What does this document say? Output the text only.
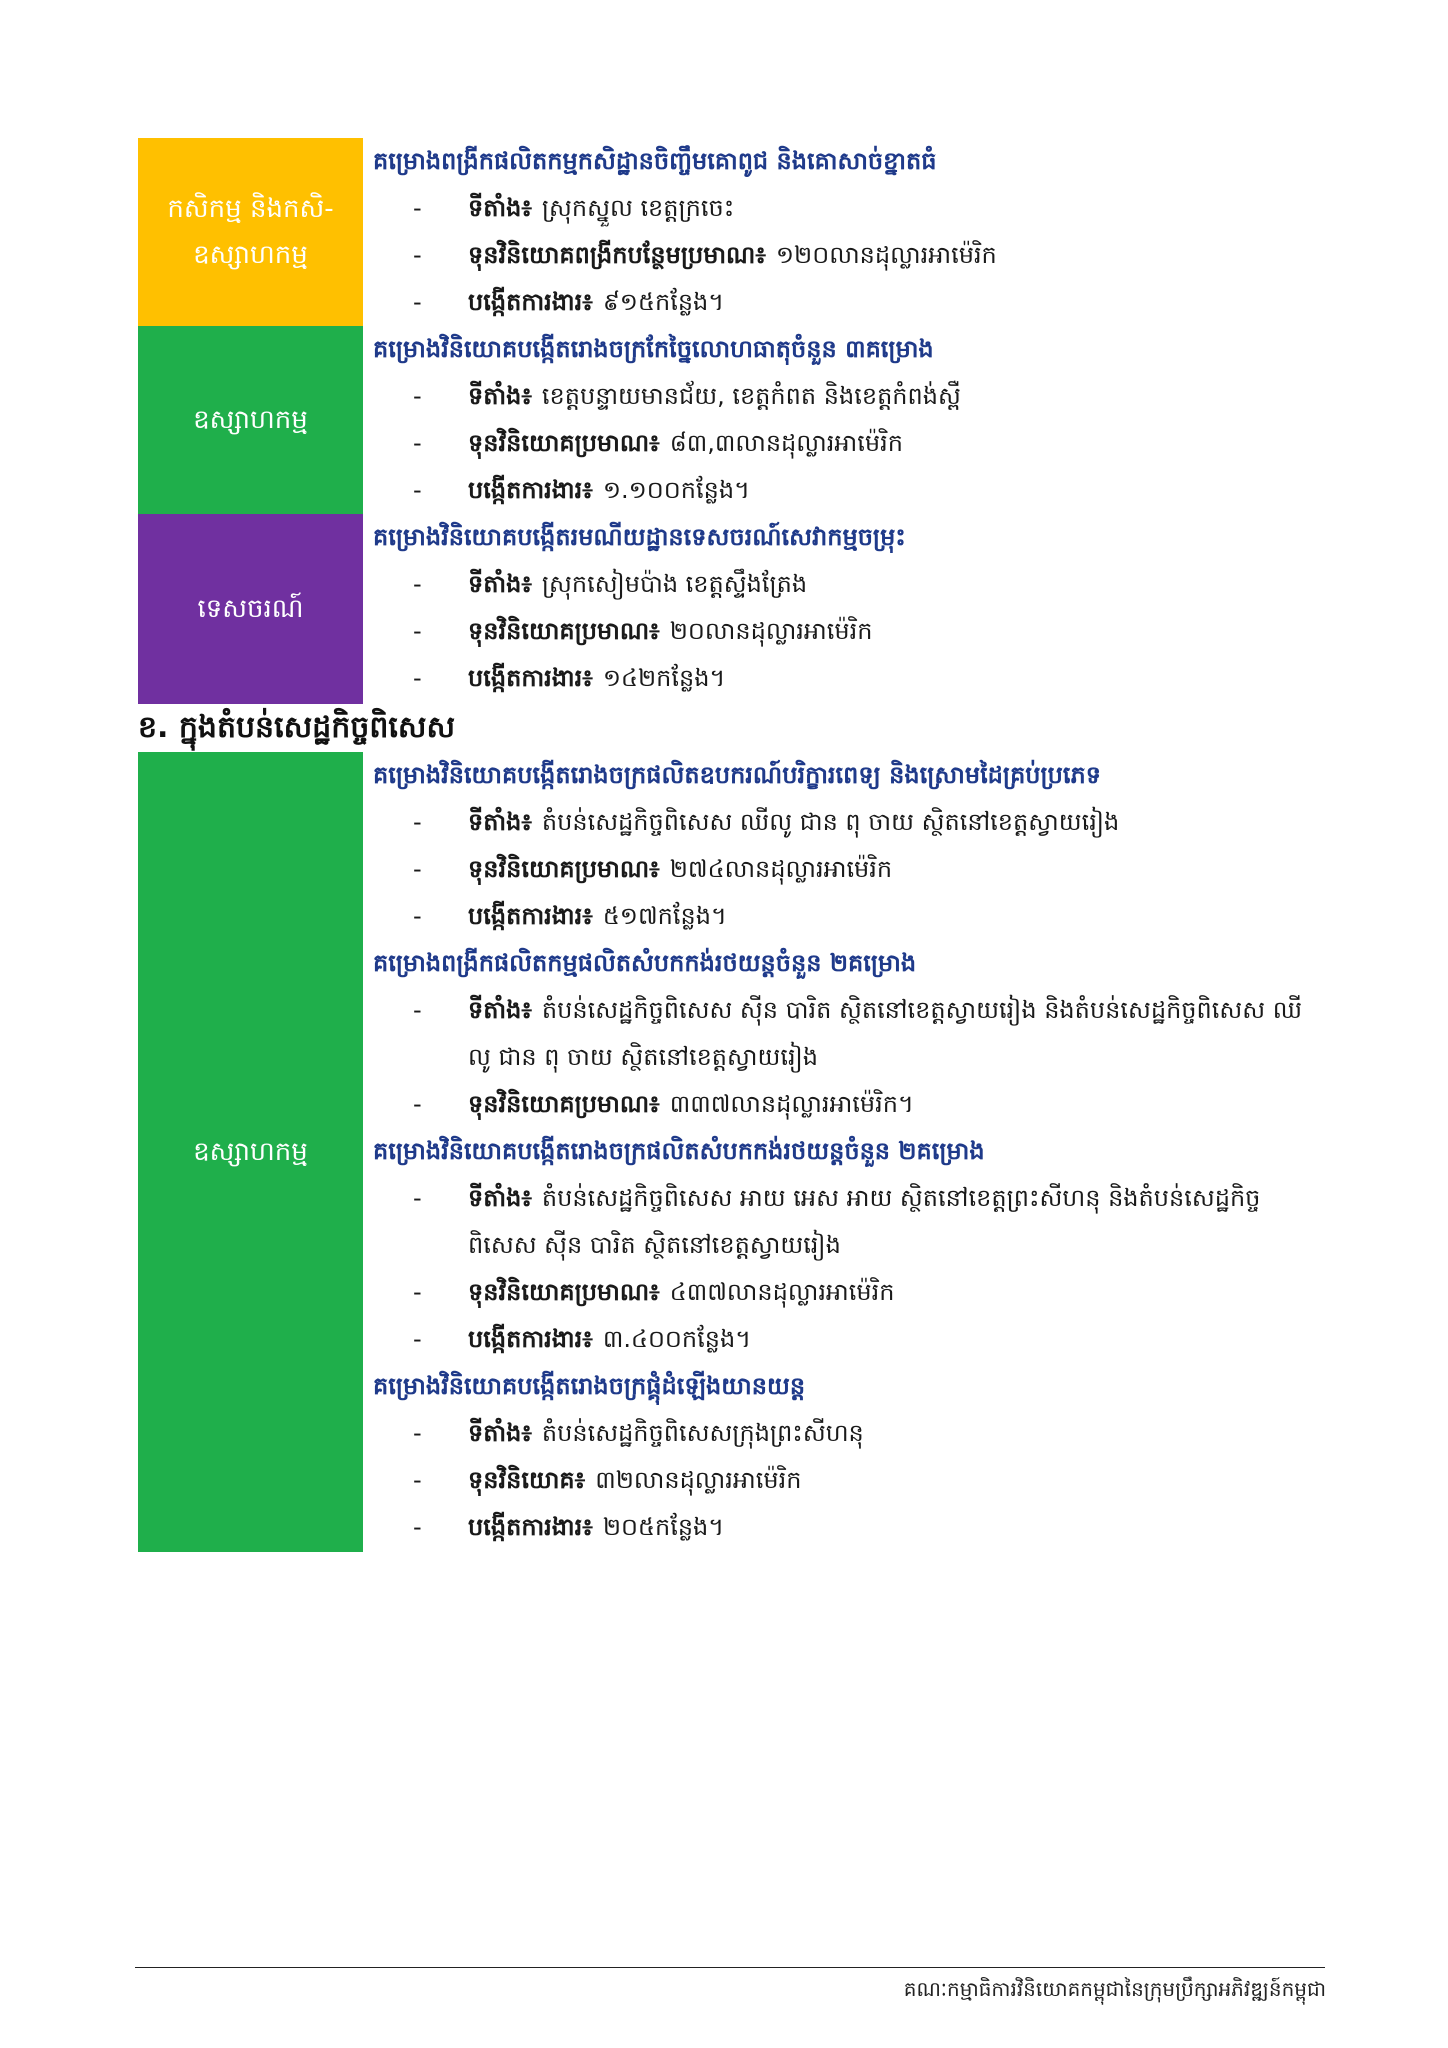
កសិកម្ម និងកសិ-ឧស្សាហកម្ម
គម្រោងពង្រីកផលិតកម្មកសិដ្ឋានចិញ្ចឹមគោពូជ និងគោសាច់ខ្នាតធំ
-	ទីតាំង៖ ស្រុកស្នួល ខេត្តក្រចេះ
-	ទុនវិនិយោគពង្រីកបន្ថែមប្រមាណ៖ ១២០លានដុល្លារអាម៉េរិក
-	បង្កើតការងារ៖ ៩១៥កន្លែង។
ឧស្សាហកម្ម
គម្រោងវិនិយោគបង្កើតរោងចក្រកែច្នៃលោហធាតុចំនួន ៣គម្រោង
-	ទីតាំង៖ ខេត្តបន្ទាយមានជ័យ, ខេត្តកំពត និងខេត្តកំពង់ស្ពឺ
-	ទុនវិនិយោគប្រមាណ៖ ៨៣,៣លានដុល្លារអាម៉េរិក
-	បង្កើតការងារ៖ ១.១០០កន្លែង។
ទេសចរណ៍
គម្រោងវិនិយោគបង្កើតរមណីយដ្ឋានទេសចរណ៍សេវាកម្មចម្រុះ
-	ទីតាំង៖ ស្រុកសៀមប៉ាង ខេត្តស្ទឹងត្រែង
-	ទុនវិនិយោគប្រមាណ៖ ២០លានដុល្លារអាម៉េរិក
-	បង្កើតការងារ៖ ១៤២កន្លែង។
ខ. ក្នុងតំបន់សេដ្ឋកិច្ចពិសេស
ឧស្សាហកម្ម
គម្រោងវិនិយោគបង្កើតរោងចក្រផលិតឧបករណ៍បរិក្ខារពេទ្យ និងស្រោមដៃគ្រប់ប្រភេទ
-	ទីតាំង៖ តំបន់សេដ្ឋកិច្ចពិសេស ឈីលូ ជាន ពុ ចាយ ស្ថិតនៅខេត្តស្វាយរៀង
-	ទុនវិនិយោគប្រមាណ៖ ២៧៤លានដុល្លារអាម៉េរិក
-	បង្កើតការងារ៖ ៥១៧កន្លែង។
គម្រោងពង្រីកផលិតកម្មផលិតសំបកកង់រថយន្តចំនួន ២គម្រោង
-	ទីតាំង៖ តំបន់សេដ្ឋកិច្ចពិសេស ស៊ីន បារិត ស្ថិតនៅខេត្តស្វាយរៀង និងតំបន់សេដ្ឋកិច្ចពិសេស ឈី លូ ជាន ពុ ចាយ ស្ថិតនៅខេត្តស្វាយរៀង
-	ទុនវិនិយោគប្រមាណ៖ ៣៣៧លានដុល្លារអាម៉េរិក។
គម្រោងវិនិយោគបង្កើតរោងចក្រផលិតសំបកកង់រថយន្តចំនួន ២គម្រោង
-	ទីតាំង៖ តំបន់សេដ្ឋកិច្ចពិសេស អាយ អេស អាយ ស្ថិតនៅខេត្តព្រះសីហនុ និងតំបន់សេដ្ឋកិច្ចពិសេស ស៊ីន បារិត ស្ថិតនៅខេត្តស្វាយរៀង
-	ទុនវិនិយោគប្រមាណ៖ ៤៣៧លានដុល្លារអាម៉េរិក
-	បង្កើតការងារ៖ ៣.៤០០កន្លែង។
គម្រោងវិនិយោគបង្កើតរោងចក្រផ្គុំដំឡើងយានយន្ត
-	ទីតាំង៖ តំបន់សេដ្ឋកិច្ចពិសេសក្រុងព្រះសីហនុ
-	ទុនវិនិយោគ៖ ៣២លានដុល្លារអាម៉េរិក
-	បង្កើតការងារ៖ ២០៥កន្លែង។
គណៈកម្មាធិការវិនិយោគកម្ពុជានៃក្រុមប្រឹក្សាអភិវឌ្ឍន៍កម្ពុជា
